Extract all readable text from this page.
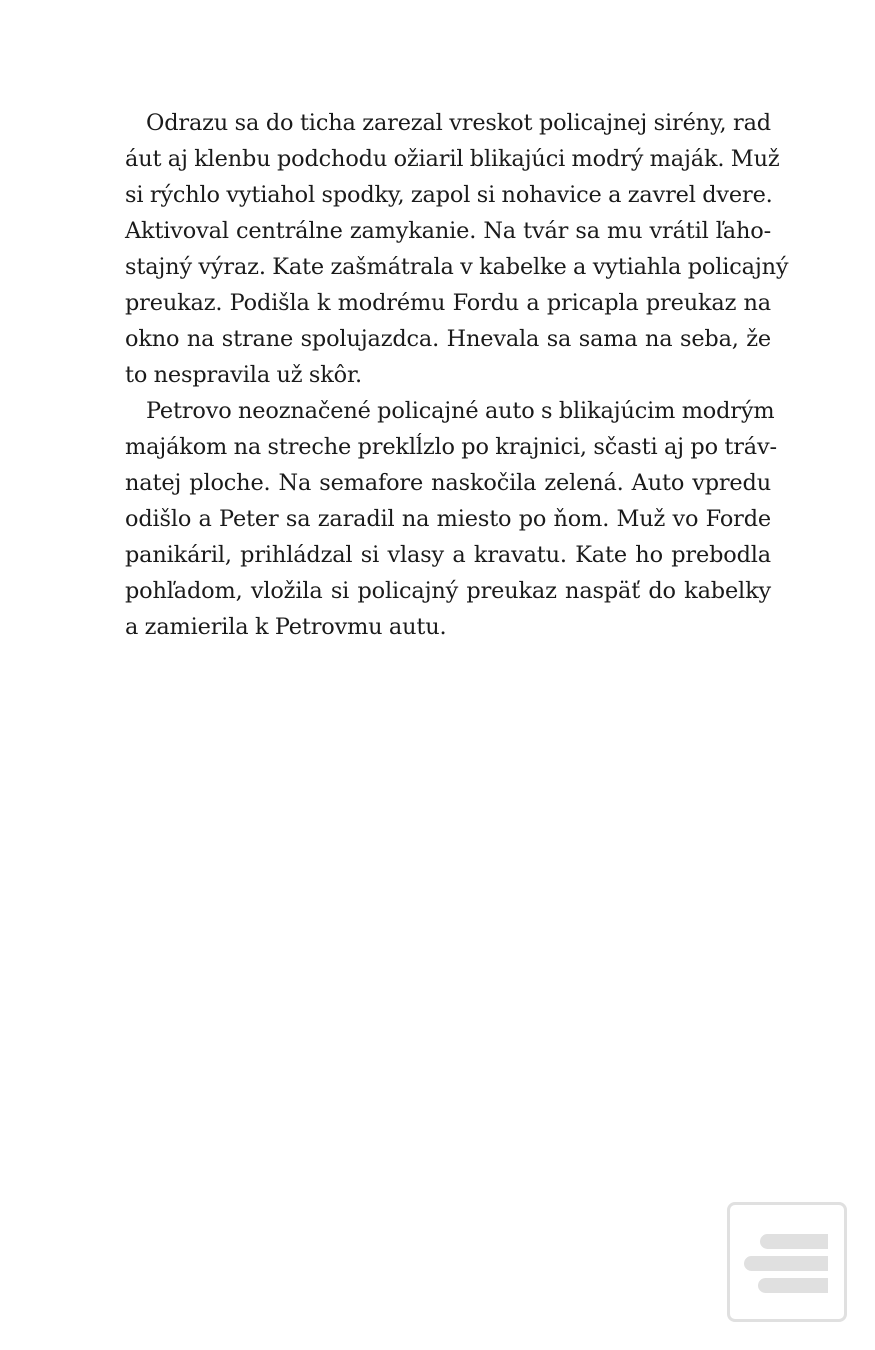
Odrazu sa do ticha zarezal vreskot policajnej sirény, rad
áut aj klenbu podchodu ožiaril blikajúci modrý maják. Muž
si rýchlo vytiahol spodky, zapol si nohavice a zavrel dvere.
Aktivoval centrálne zamykanie. Na tvár sa mu vrátil ľaho-
stajný výraz. Kate zašmátrala v kabelke a vytiahla policajný
preukaz. Podišla k modrému Fordu a pricapla preukaz na
okno na strane spolujazdca. Hnevala sa sama na seba, že
to nespravila už skôr.

Petrovo neoznačené policajné auto s blikajúcim modrým
majákom na streche preklĺzlo po krajnici, sčasti aj po tráv-
natej ploche. Na semafore naskočila zelená. Auto vpredu
odišlo a Peter sa zaradil na miesto po ňom. Muž vo Forde
panikáril, prihládzal si vlasy a kravatu. Kate ho prebodla
pohľadom, vložila si policajný preukaz naspäť do kabelky
a zamierila k Petrovmu autu.
